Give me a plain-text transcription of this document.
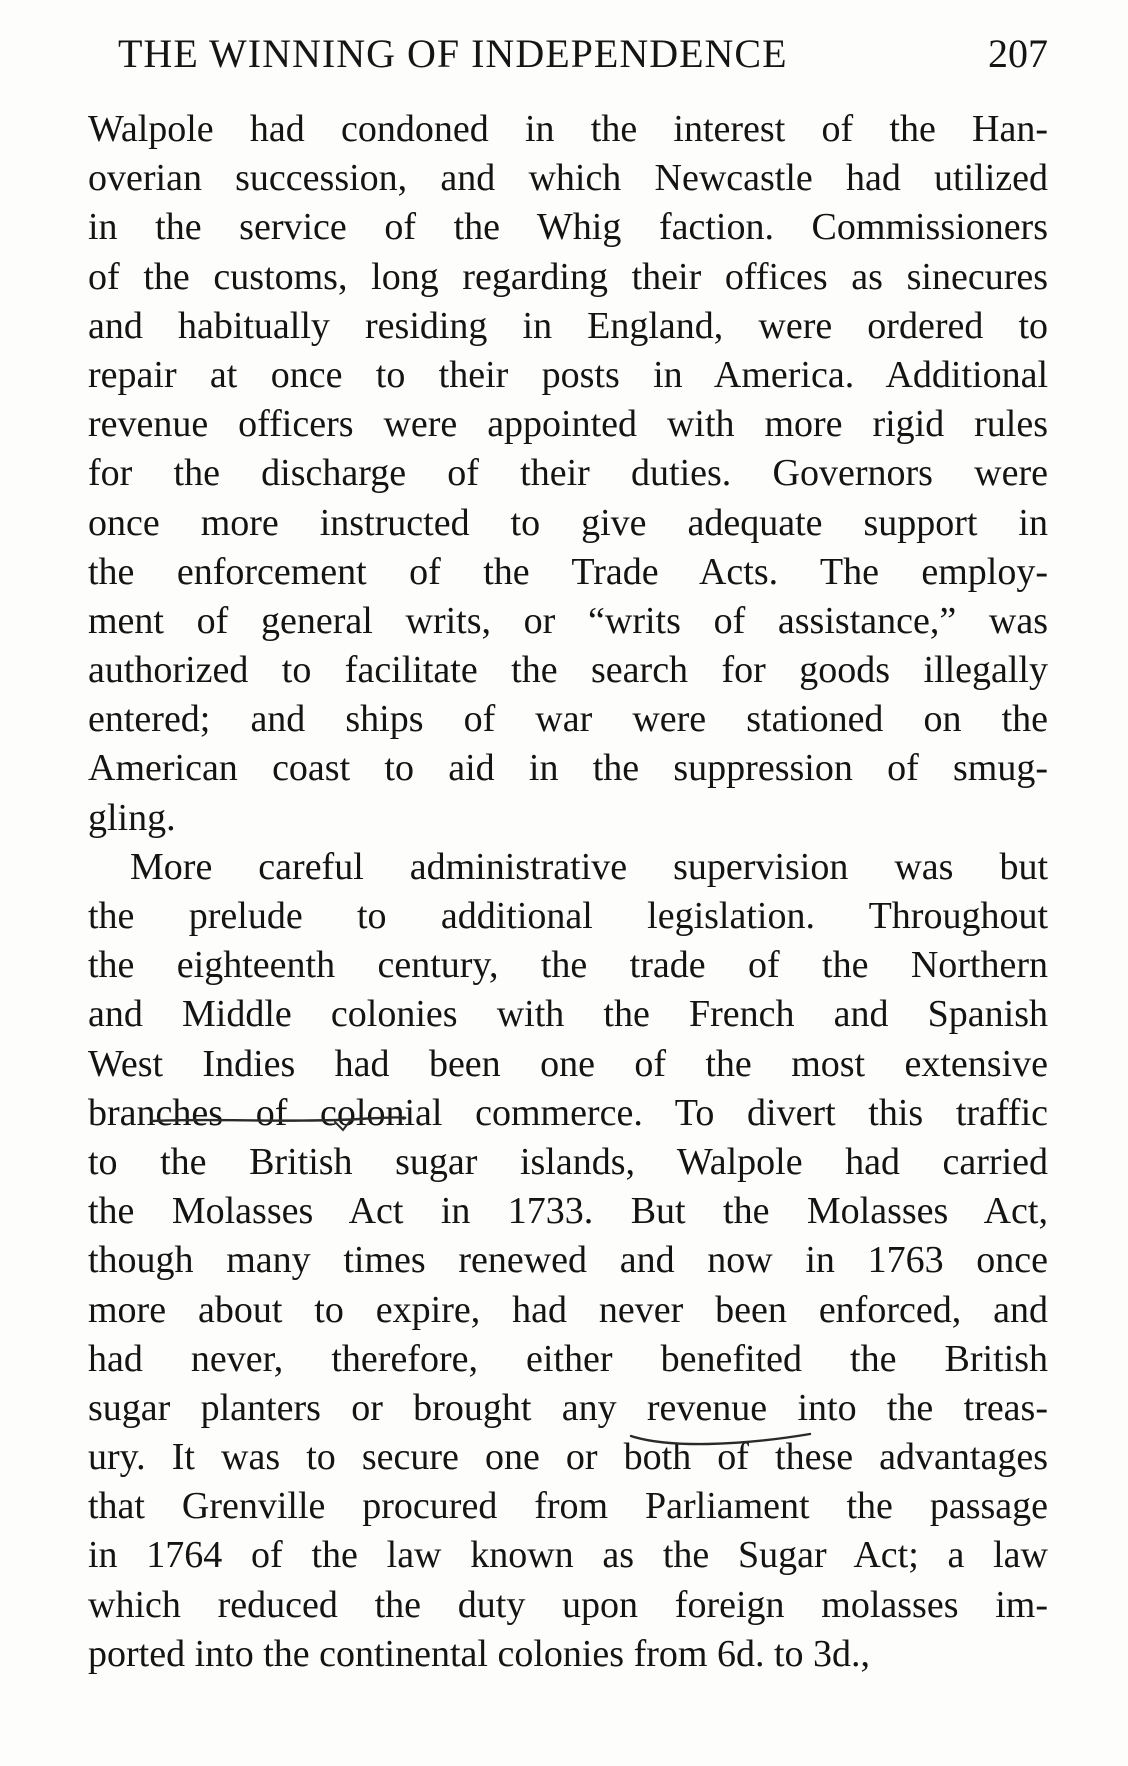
THE WINNING OF INDEPENDENCE	207
Walpole had condoned in the interest of the Han-
overian succession, and which Newcastle had utilized
in the service of the Whig faction. Commissioners
of the customs, long regarding their offices as sinecures
and habitually residing in England, were ordered to
repair at once to their posts in America. Additional
revenue officers were appointed with more rigid rules
for the discharge of their duties. Governors were
once more instructed to give adequate support in
the enforcement of the Trade Acts. The employ-
ment of general writs, or “writs of assistance,” was
authorized to facilitate the search for goods illegally
entered; and ships of war were stationed on the
American coast to aid in the suppression of smug-
gling.
More careful administrative supervision was but
the prelude to additional legislation. Throughout
the eighteenth century, the trade of the Northern
and Middle colonies with the French and Spanish
West Indies had been one of the most extensive
branches of colonial commerce. To divert this traffic
to the British sugar islands, Walpole had carried
the Molasses Act in 1733. But the Molasses Act,
though many times renewed and now in 1763 once
more about to expire, had never been enforced, and
had never, therefore, either benefited the British
sugar planters or brought any revenue into the treas-
ury. It was to secure one or both of these advantages
that Grenville procured from Parliament the passage
in 1764 of the law known as the Sugar Act; a law
which reduced the duty upon foreign molasses im-
ported into the continental colonies from 6d. to 3d.,
